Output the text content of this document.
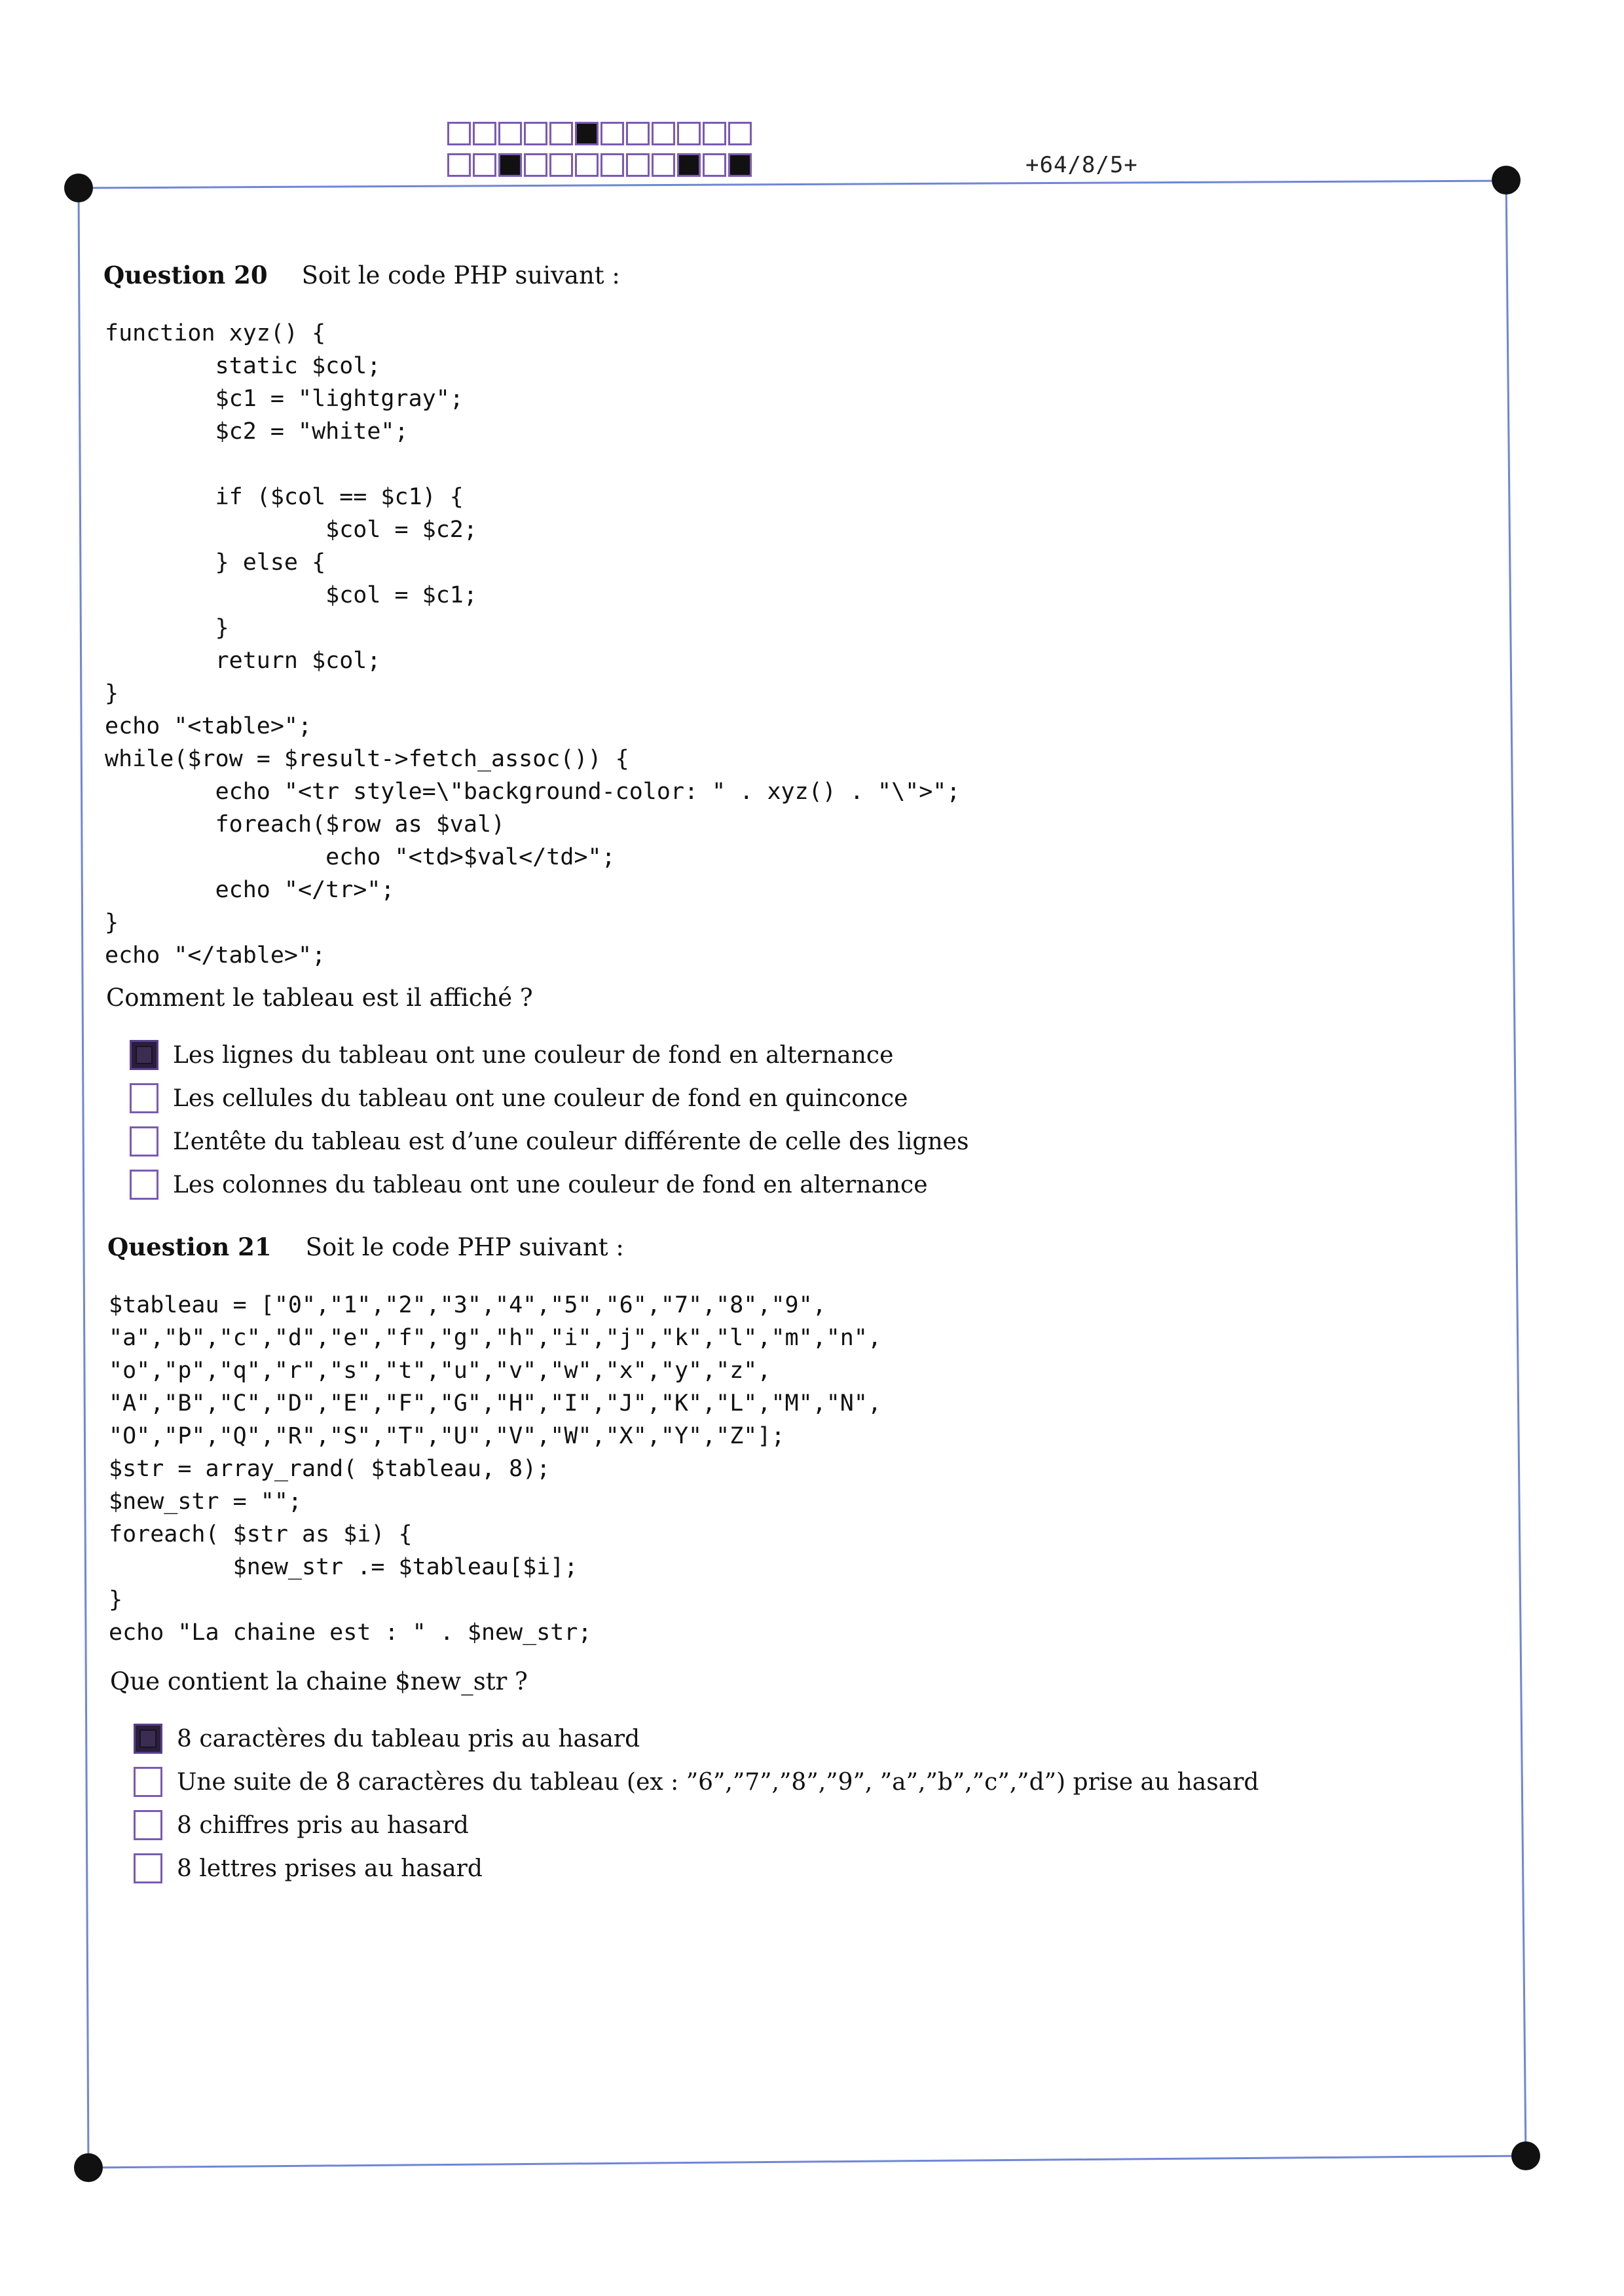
+64/8/5+
Question 20 Soit le code PHP suivant :
function xyz() {
static $col;
$c1 = "lightgray";
$c2 = "white";

if ($col == $c1) {
$col = $c2;
} else {
$col = $c1;
}
return $col;
}
echo "<table>";
while($row = $result->fetch_assoc()) {
echo "<tr style=\"background-color: " . xyz() . "\">";
foreach($row as $val)
echo "<td>$val</td>";
echo "</tr>";
}
echo "</table>";
Comment le tableau est il affiché ?
Les lignes du tableau ont une couleur de fond en alternance
Les cellules du tableau ont une couleur de fond en quinconce
L’entête du tableau est d’une couleur différente de celle des lignes
Les colonnes du tableau ont une couleur de fond en alternance
Question 21 Soit le code PHP suivant :
$tableau = ["0","1","2","3","4","5","6","7","8","9",
"a","b","c","d","e","f","g","h","i","j","k","l","m","n",
"o","p","q","r","s","t","u","v","w","x","y","z",
"A","B","C","D","E","F","G","H","I","J","K","L","M","N",
"O","P","Q","R","S","T","U","V","W","X","Y","Z"];
$str = array_rand( $tableau, 8);
$new_str = "";
foreach( $str as $i) {
$new_str .= $tableau[$i];
}
echo "La chaine est : " . $new_str;
Que contient la chaine $new_str ?
8 caractères du tableau pris au hasard
Une suite de 8 caractères du tableau (ex : ”6”,”7”,”8”,”9”, ”a”,”b”,”c”,”d”) prise au hasard
8 chiffres pris au hasard
8 lettres prises au hasard
